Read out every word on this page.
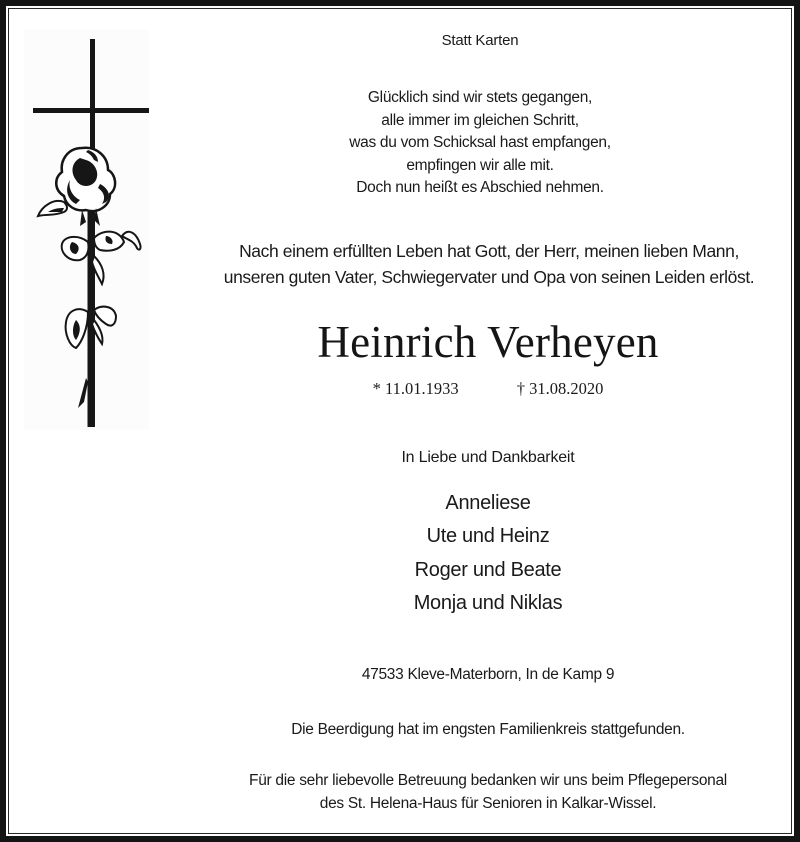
Statt Karten
Glücklich sind wir stets gegangen,
alle immer im gleichen Schritt,
was du vom Schicksal hast empfangen,
empfingen wir alle mit.
Doch nun heißt es Abschied nehmen.
Nach einem erfüllten Leben hat Gott, der Herr, meinen lieben Mann,
unseren guten Vater, Schwiegervater und Opa von seinen Leiden erlöst.
Heinrich Verheyen
* 11.01.1933	† 31.08.2020
In Liebe und Dankbarkeit
Anneliese
Ute und Heinz
Roger und Beate
Monja und Niklas
47533 Kleve-Materborn, In de Kamp 9
Die Beerdigung hat im engsten Familienkreis stattgefunden.
Für die sehr liebevolle Betreuung bedanken wir uns beim Pflegepersonal
des St. Helena-Haus für Senioren in Kalkar-Wissel.
